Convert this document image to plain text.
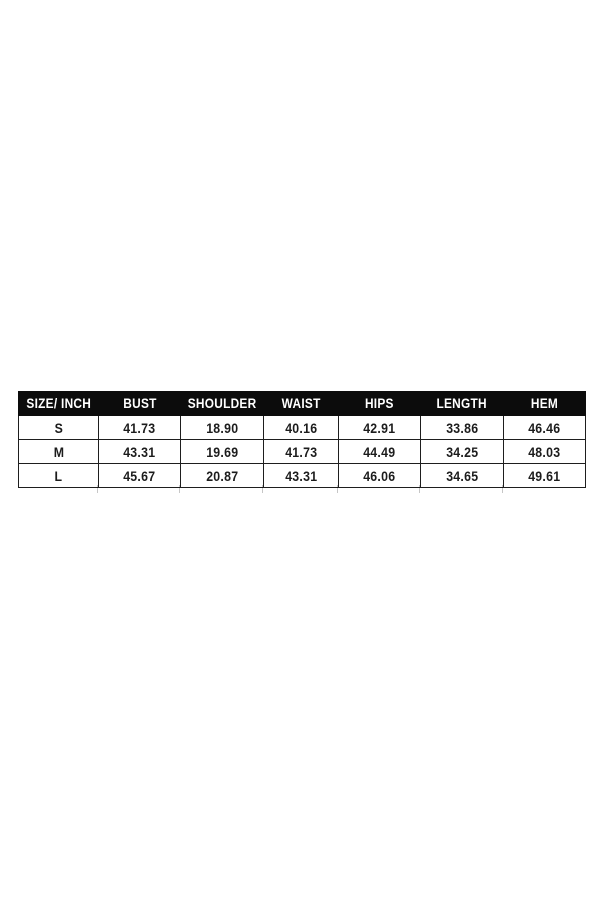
SIZE/ INCH	BUST	SHOULDER	WAIST	HIPS	LENGTH	HEM
S	41.73	18.90	40.16	42.91	33.86	46.46
M	43.31	19.69	41.73	44.49	34.25	48.03
L	45.67	20.87	43.31	46.06	34.65	49.61
